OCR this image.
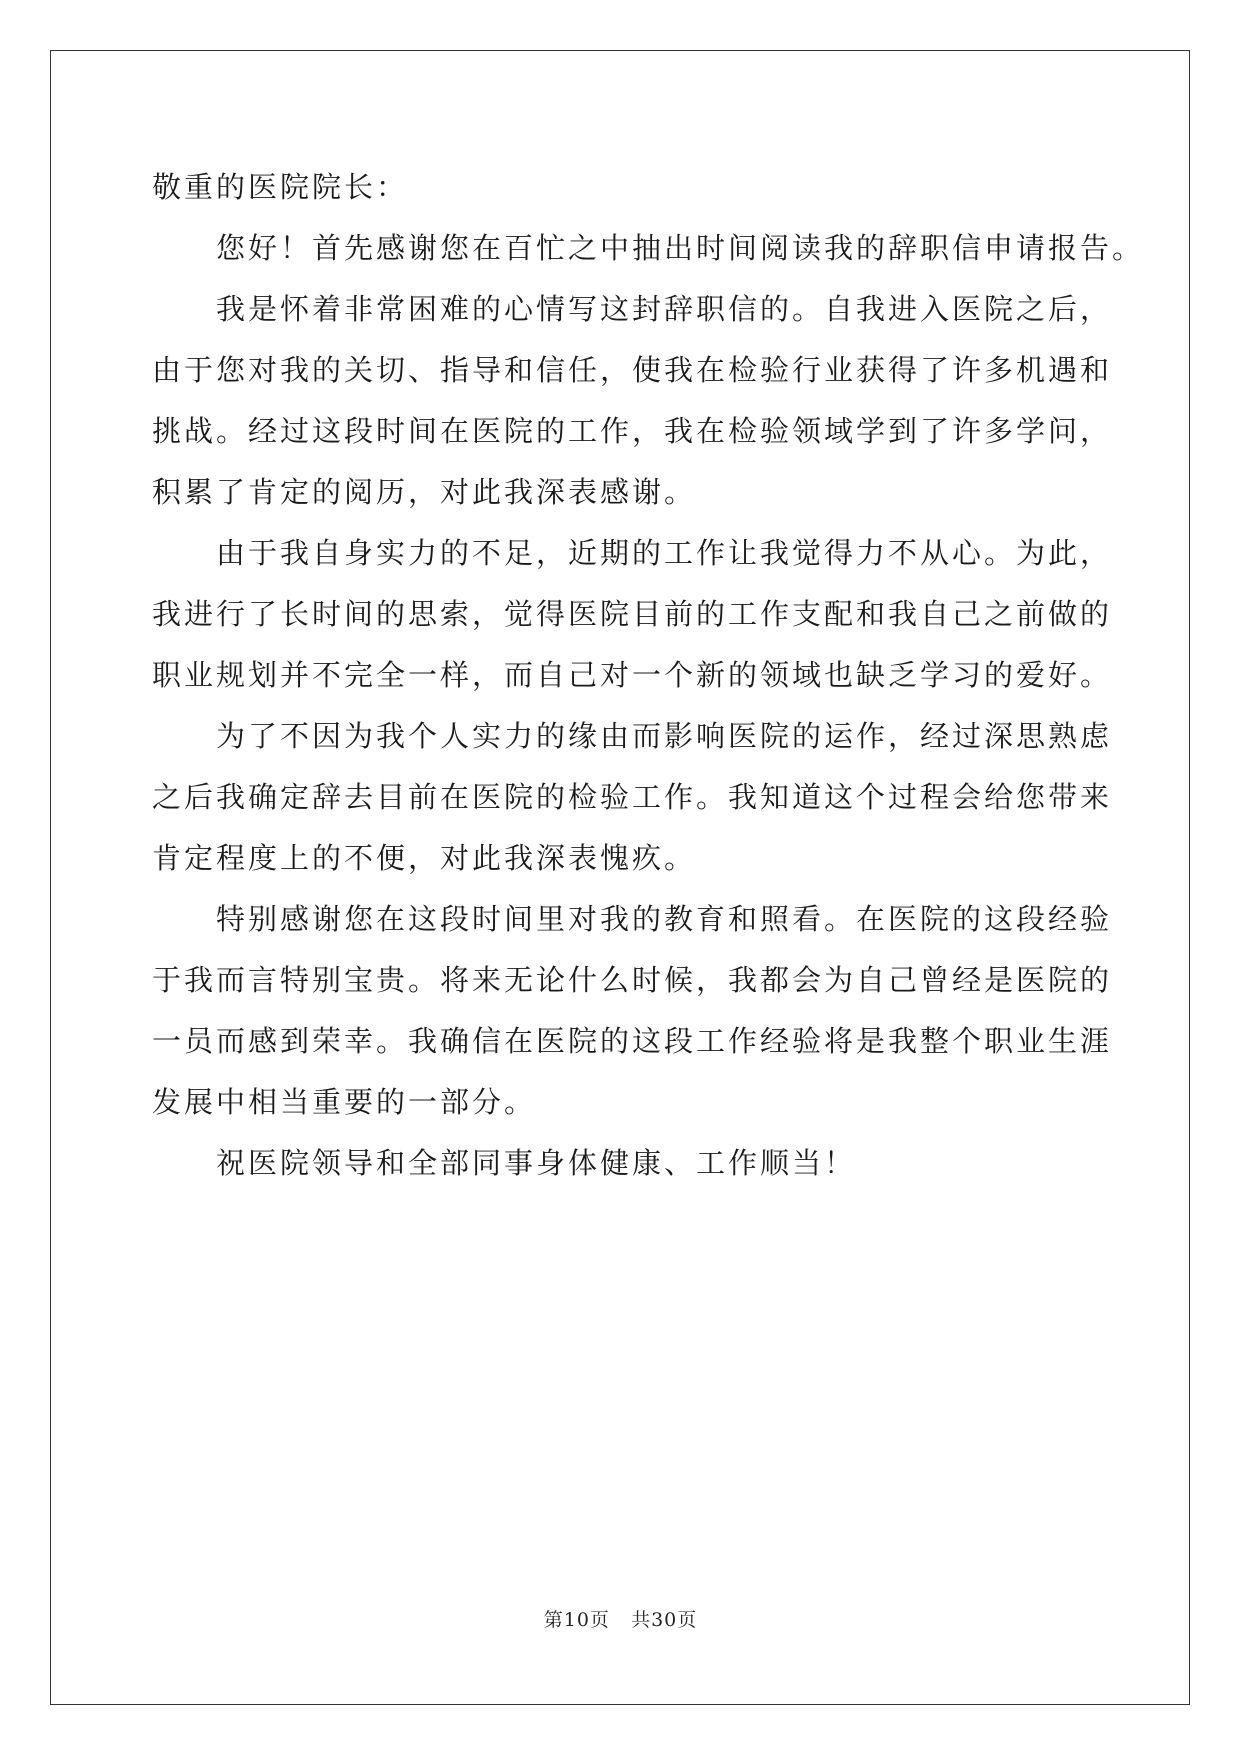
敬重的医院院长：
您好！首先感谢您在百忙之中抽出时间阅读我的辞职信申请报告。
我是怀着非常困难的心情写这封辞职信的。自我进入医院之后，
由于您对我的关切、指导和信任，使我在检验行业获得了许多机遇和
挑战。经过这段时间在医院的工作，我在检验领域学到了许多学问，
积累了肯定的阅历，对此我深表感谢。
由于我自身实力的不足，近期的工作让我觉得力不从心。为此，
我进行了长时间的思索，觉得医院目前的工作支配和我自己之前做的
职业规划并不完全一样，而自己对一个新的领域也缺乏学习的爱好。
为了不因为我个人实力的缘由而影响医院的运作，经过深思熟虑
之后我确定辞去目前在医院的检验工作。我知道这个过程会给您带来
肯定程度上的不便，对此我深表愧疚。
特别感谢您在这段时间里对我的教育和照看。在医院的这段经验
于我而言特别宝贵。将来无论什么时候，我都会为自己曾经是医院的
一员而感到荣幸。我确信在医院的这段工作经验将是我整个职业生涯
发展中相当重要的一部分。
祝医院领导和全部同事身体健康、工作顺当！
第10页 共30页
